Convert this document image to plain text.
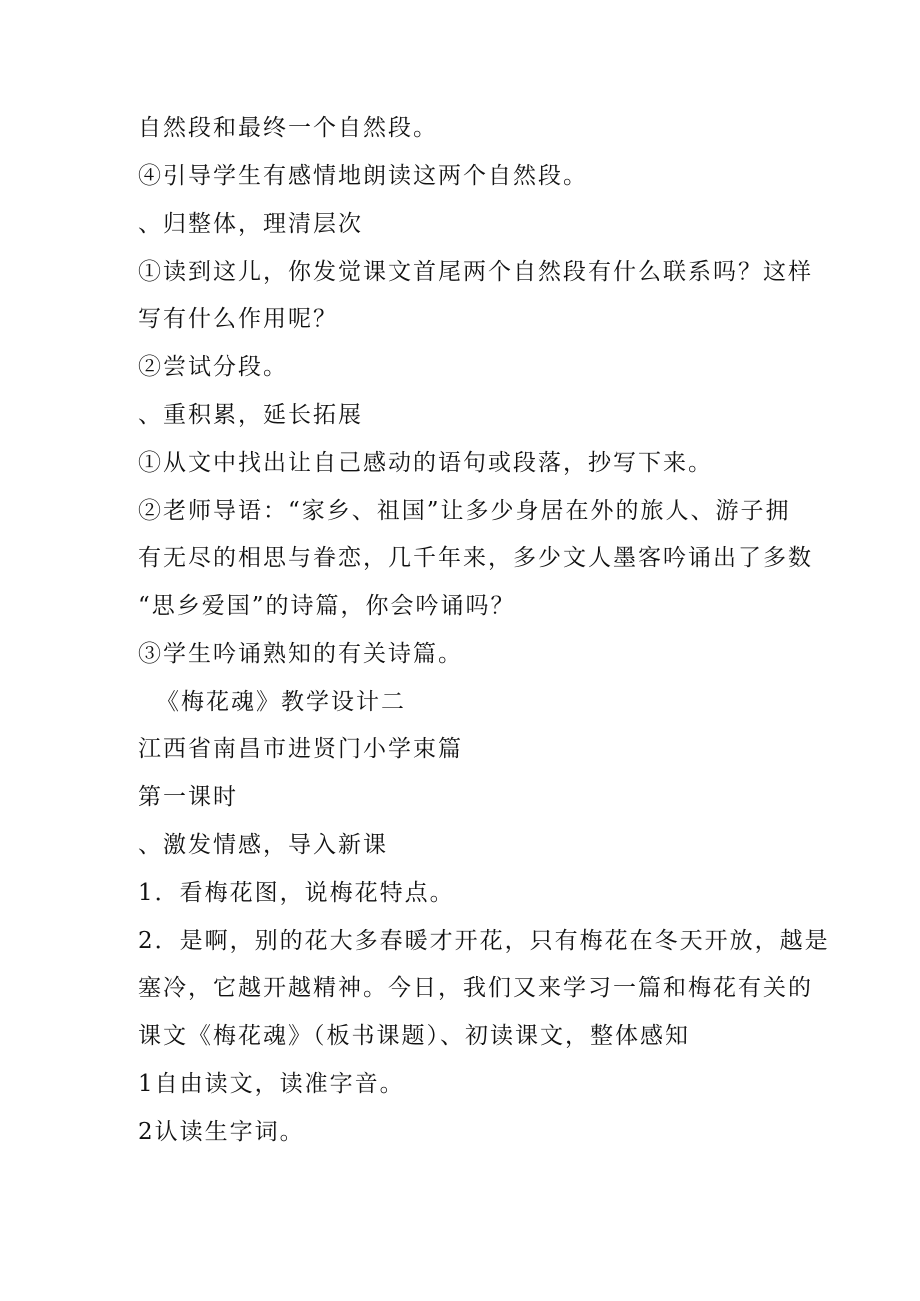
自然段和最终一个自然段。
④引导学生有感情地朗读这两个自然段。
、归整体，理清层次
①读到这儿，你发觉课文首尾两个自然段有什么联系吗？这样
写有什么作用呢？
②尝试分段。
、重积累，延长拓展
①从文中找出让自己感动的语句或段落，抄写下来。
②老师导语：“家乡、祖国”让多少身居在外的旅人、游子拥
有无尽的相思与眷恋，几千年来，多少文人墨客吟诵出了多数
“思乡爱国”的诗篇，你会吟诵吗？
③学生吟诵熟知的有关诗篇。
《梅花魂》教学设计二
江西省南昌市进贤门小学束篇
第一课时
、激发情感，导入新课
1．看梅花图，说梅花特点。
2．是啊，别的花大多春暖才开花，只有梅花在冬天开放，越是
塞冷，它越开越精神。今日，我们又来学习一篇和梅花有关的
课文《梅花魂》（板书课题）、初读课文，整体感知
1自由读文，读准字音。
2认读生字词。
